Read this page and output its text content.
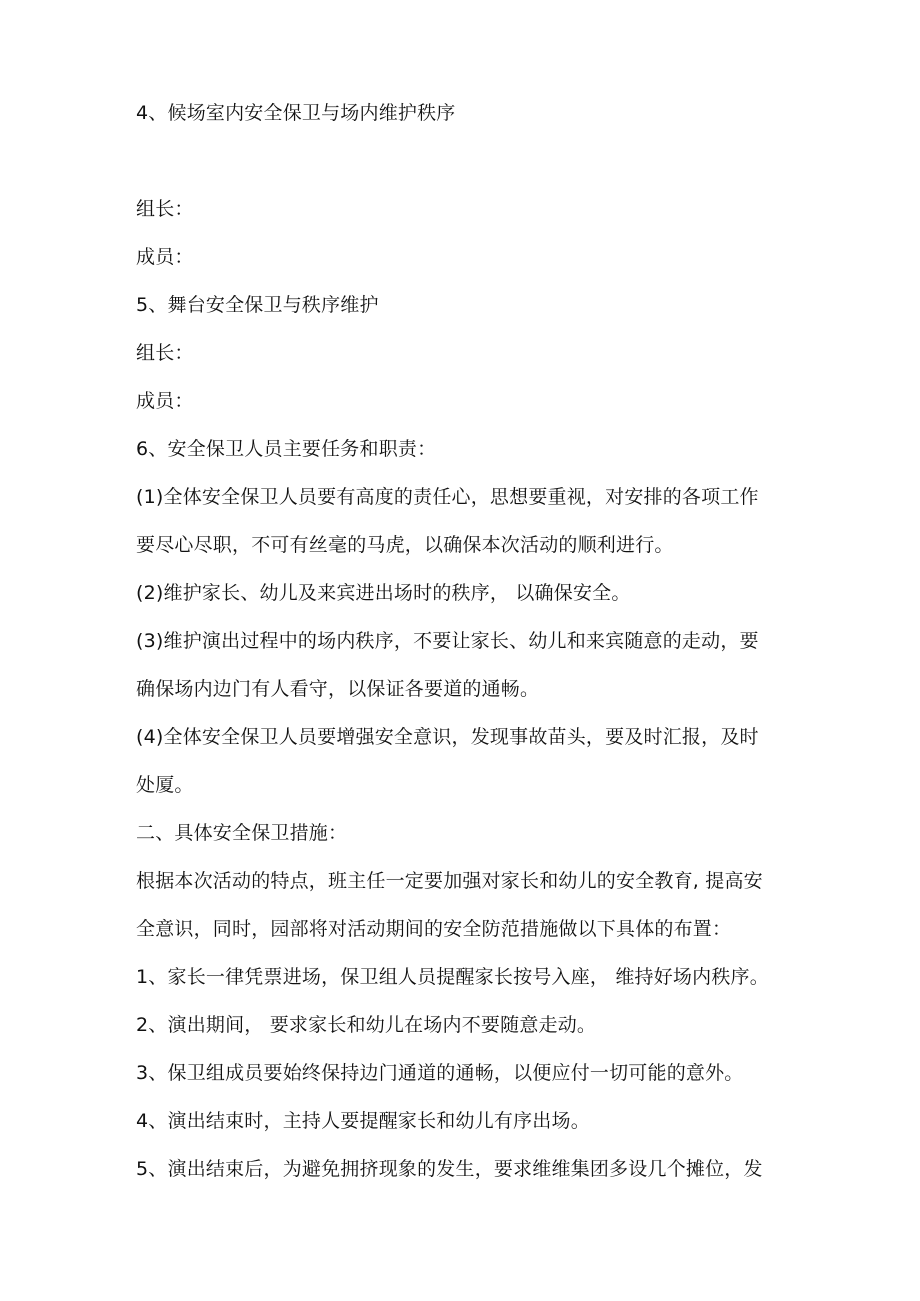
4、候场室内安全保卫与场内维护秩序
组长：
成员：
5、舞台安全保卫与秩序维护
组长：
成员：
6、安全保卫人员主要任务和职责：
(1)全体安全保卫人员要有高度的责任心，思想要重视，对安排的各项工作
要尽心尽职，不可有丝毫的马虎，以确保本次活动的顺利进行。
(2)维护家长、幼儿及来宾进出场时的秩序， 以确保安全。
(3)维护演出过程中的场内秩序，不要让家长、幼儿和来宾随意的走动，要
确保场内边门有人看守，以保证各要道的通畅。
(4)全体安全保卫人员要增强安全意识，发现事故苗头，要及时汇报，及时
处厦。
二、具体安全保卫措施：
根据本次活动的特点，班主任一定要加强对家长和幼儿的安全教育, 提高安
全意识，同时，园部将对活动期间的安全防范措施做以下具体的布置：
1、家长一律凭票进场，保卫组人员提醒家长按号入座， 维持好场内秩序。
2、演出期间， 要求家长和幼儿在场内不要随意走动。
3、保卫组成员要始终保持边门通道的通畅，以便应付一切可能的意外。
4、演出结束时，主持人要提醒家长和幼儿有序出场。
5、演出结束后，为避免拥挤现象的发生，要求维维集团多设几个摊位，发
